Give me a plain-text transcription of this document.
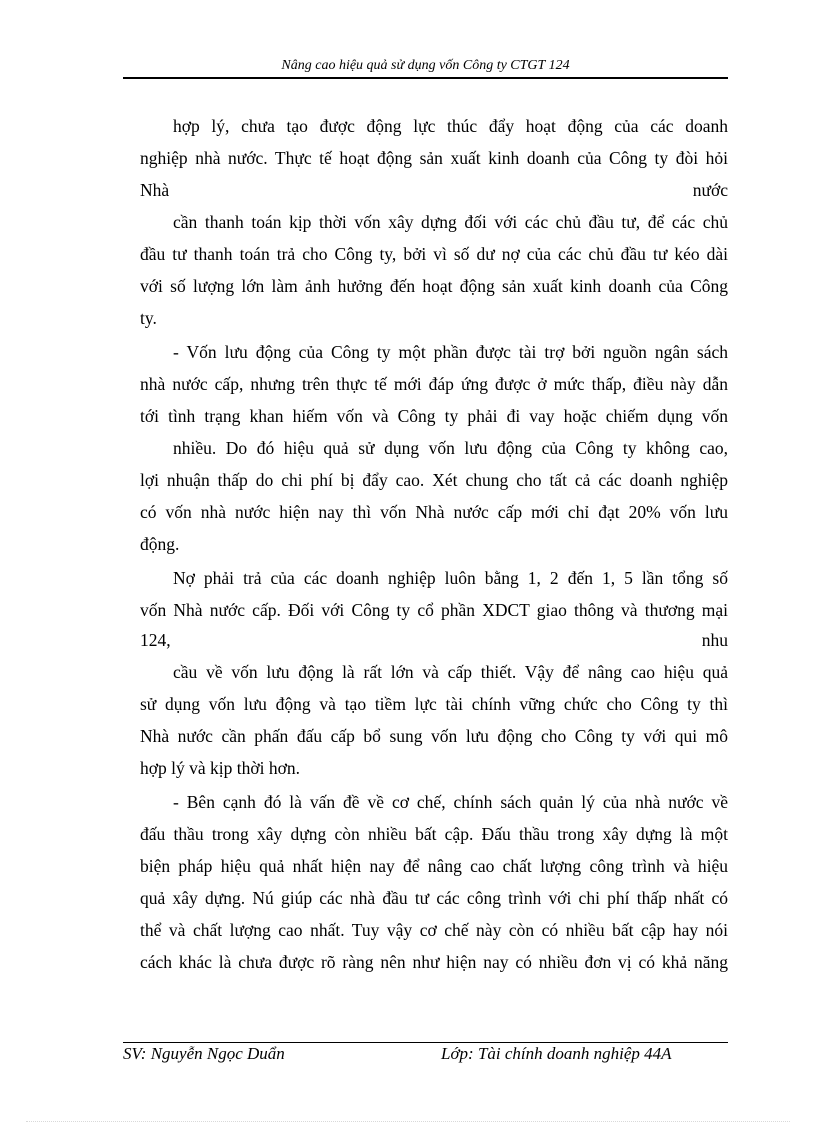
Nâng cao hiệu quả sử dụng vốn Công ty CTGT 124
hợp lý, chưa tạo được động lực thúc đẩy hoạt động của các doanh
nghiệp nhà nước. Thực tế hoạt động sản xuất kinh doanh của Công ty đòi hỏi
Nhà nước
cần thanh toán kịp thời vốn xây dựng đối với các chủ đầu tư, để các chủ
đầu tư thanh toán trả cho Công ty, bởi vì số dư nợ của các chủ đầu tư kéo dài
với số lượng lớn làm ảnh hưởng đến hoạt động sản xuất kinh doanh của Công
ty.
- Vốn lưu động của Công ty một phần được tài trợ bởi nguồn ngân sách
nhà nước cấp, nhưng trên thực tế mới đáp ứng được ở mức thấp, điều này dẫn
tới tình trạng khan hiếm vốn và Công ty phải đi vay hoặc chiếm dụng vốn
nhiều. Do đó hiệu quả sử dụng vốn lưu động của Công ty không cao,
lợi nhuận thấp do chi phí bị đẩy cao. Xét chung cho tất cả các doanh nghiệp
có vốn nhà nước hiện nay thì vốn Nhà nước cấp mới chỉ đạt 20% vốn lưu
động.
Nợ phải trả của các doanh nghiệp luôn bằng 1, 2 đến 1, 5 lần tổng số
vốn Nhà nước cấp. Đối với Công ty cổ phần XDCT giao thông và thương mại
124, nhu
cầu về vốn lưu động là rất lớn và cấp thiết. Vậy để nâng cao hiệu quả
sử dụng vốn lưu động và tạo tiềm lực tài chính vững chức cho Công ty thì
Nhà nước cần phấn đấu cấp bổ sung vốn lưu động cho Công ty với qui mô
hợp lý và kịp thời hơn.
- Bên cạnh đó là vấn đề về cơ chế, chính sách quản lý của nhà nước về
đấu thầu trong xây dựng còn nhiều bất cập. Đấu thầu trong xây dựng là một
biện pháp hiệu quả nhất hiện nay để nâng cao chất lượng công trình và hiệu
quả xây dựng. Nú giúp các nhà đầu tư các công trình với chi phí thấp nhất có
thể và chất lượng cao nhất. Tuy vậy cơ chế này còn có nhiều bất cập hay nói
cách khác là chưa được rõ ràng nên như hiện nay có nhiều đơn vị có khả năng
SV: Nguyễn Ngọc Duẩn	Lớp: Tài chính doanh nghiệp 44A
